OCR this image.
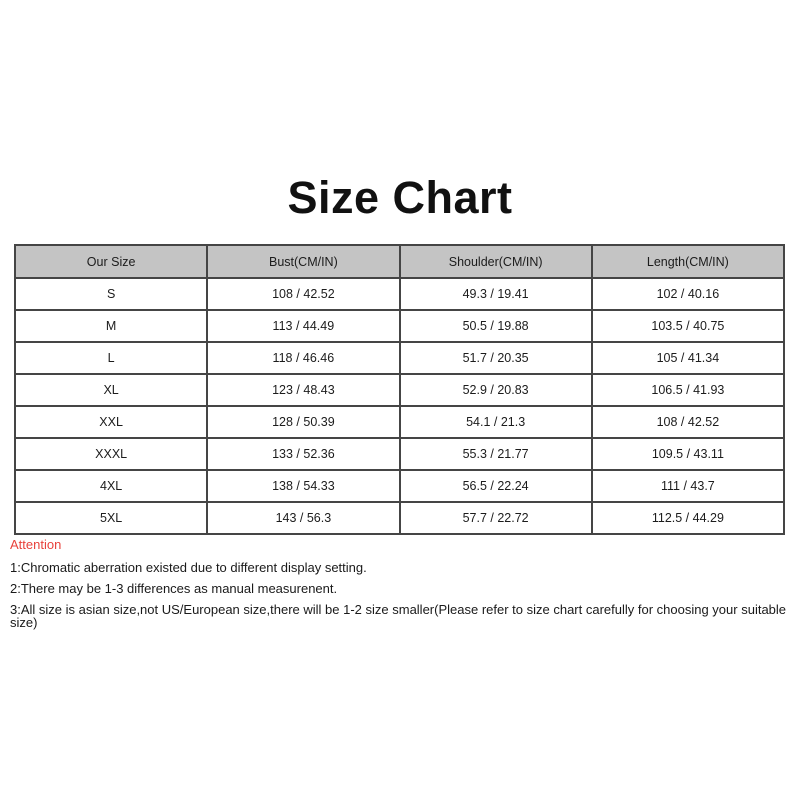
Size Chart
Our Size	Bust(CM/IN)	Shoulder(CM/IN)	Length(CM/IN)
S	108 / 42.52	49.3 / 19.41	102 / 40.16
M	113 / 44.49	50.5 / 19.88	103.5 / 40.75
L	118 / 46.46	51.7 / 20.35	105 / 41.34
XL	123 / 48.43	52.9 / 20.83	106.5 / 41.93
XXL	128 / 50.39	54.1 / 21.3	108 / 42.52
XXXL	133 / 52.36	55.3 / 21.77	109.5 / 43.11
4XL	138 / 54.33	56.5 / 22.24	111 / 43.7
5XL	143 / 56.3	57.7 / 22.72	112.5 / 44.29
Attention
1:Chromatic aberration existed due to different display setting.
2:There may be 1-3 differences as manual measurenent.
3:All size is asian size,not US/European size,there will be 1-2 size smaller(Please refer to size chart carefully for choosing your suitable size)
